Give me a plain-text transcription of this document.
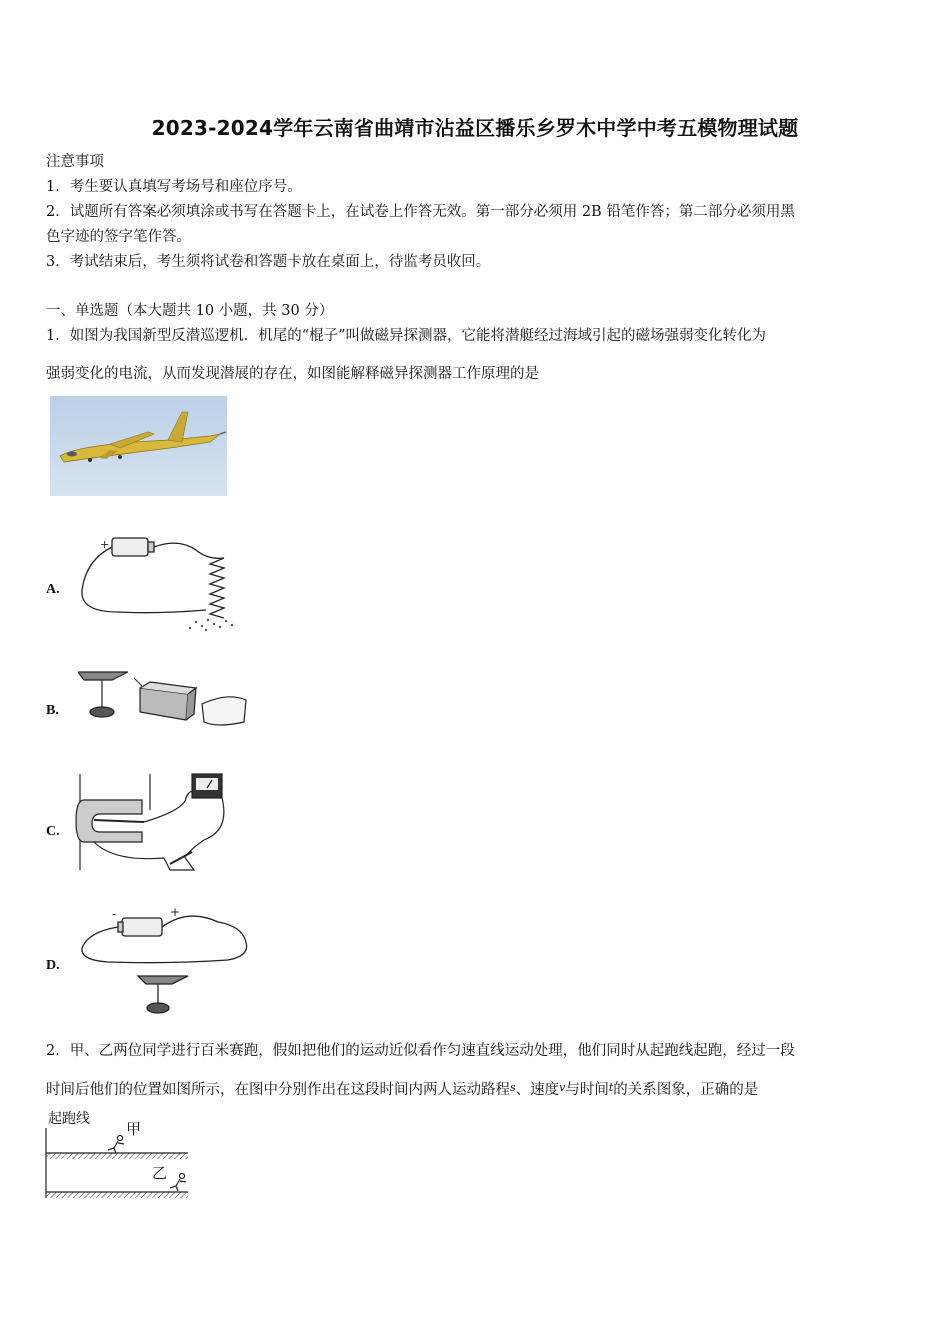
2023-2024学年云南省曲靖市沾益区播乐乡罗木中学中考五模物理试题
注意事项
1．考生要认真填写考场号和座位序号。
2．试题所有答案必须填涂或书写在答题卡上，在试卷上作答无效。第一部分必须用 2B 铅笔作答；第二部分必须用黑
色字迹的签字笔作答。
3．考试结束后，考生须将试卷和答题卡放在桌面上，待监考员收回。
一、单选题（本大题共 10 小题，共 30 分）
1．如图为我国新型反潜巡逻机．机尾的“棍子”叫做磁异探测器，它能将潜艇经过海域引起的磁场强弱变化转化为
强弱变化的电流，从而发现潜展的存在，如图能解释磁异探测器工作原理的是
A.
+
B.
C.
D.
-	+
2．甲、乙两位同学进行百米赛跑，假如把他们的运动近似看作匀速直线运动处理，他们同时从起跑线起跑，经过一段
时间后他们的位置如图所示，在图中分别作出在这段时间内两人运动路程$^s$、速度$^v$与时间$^t$的关系图象，正确的是
起跑线
甲
乙
